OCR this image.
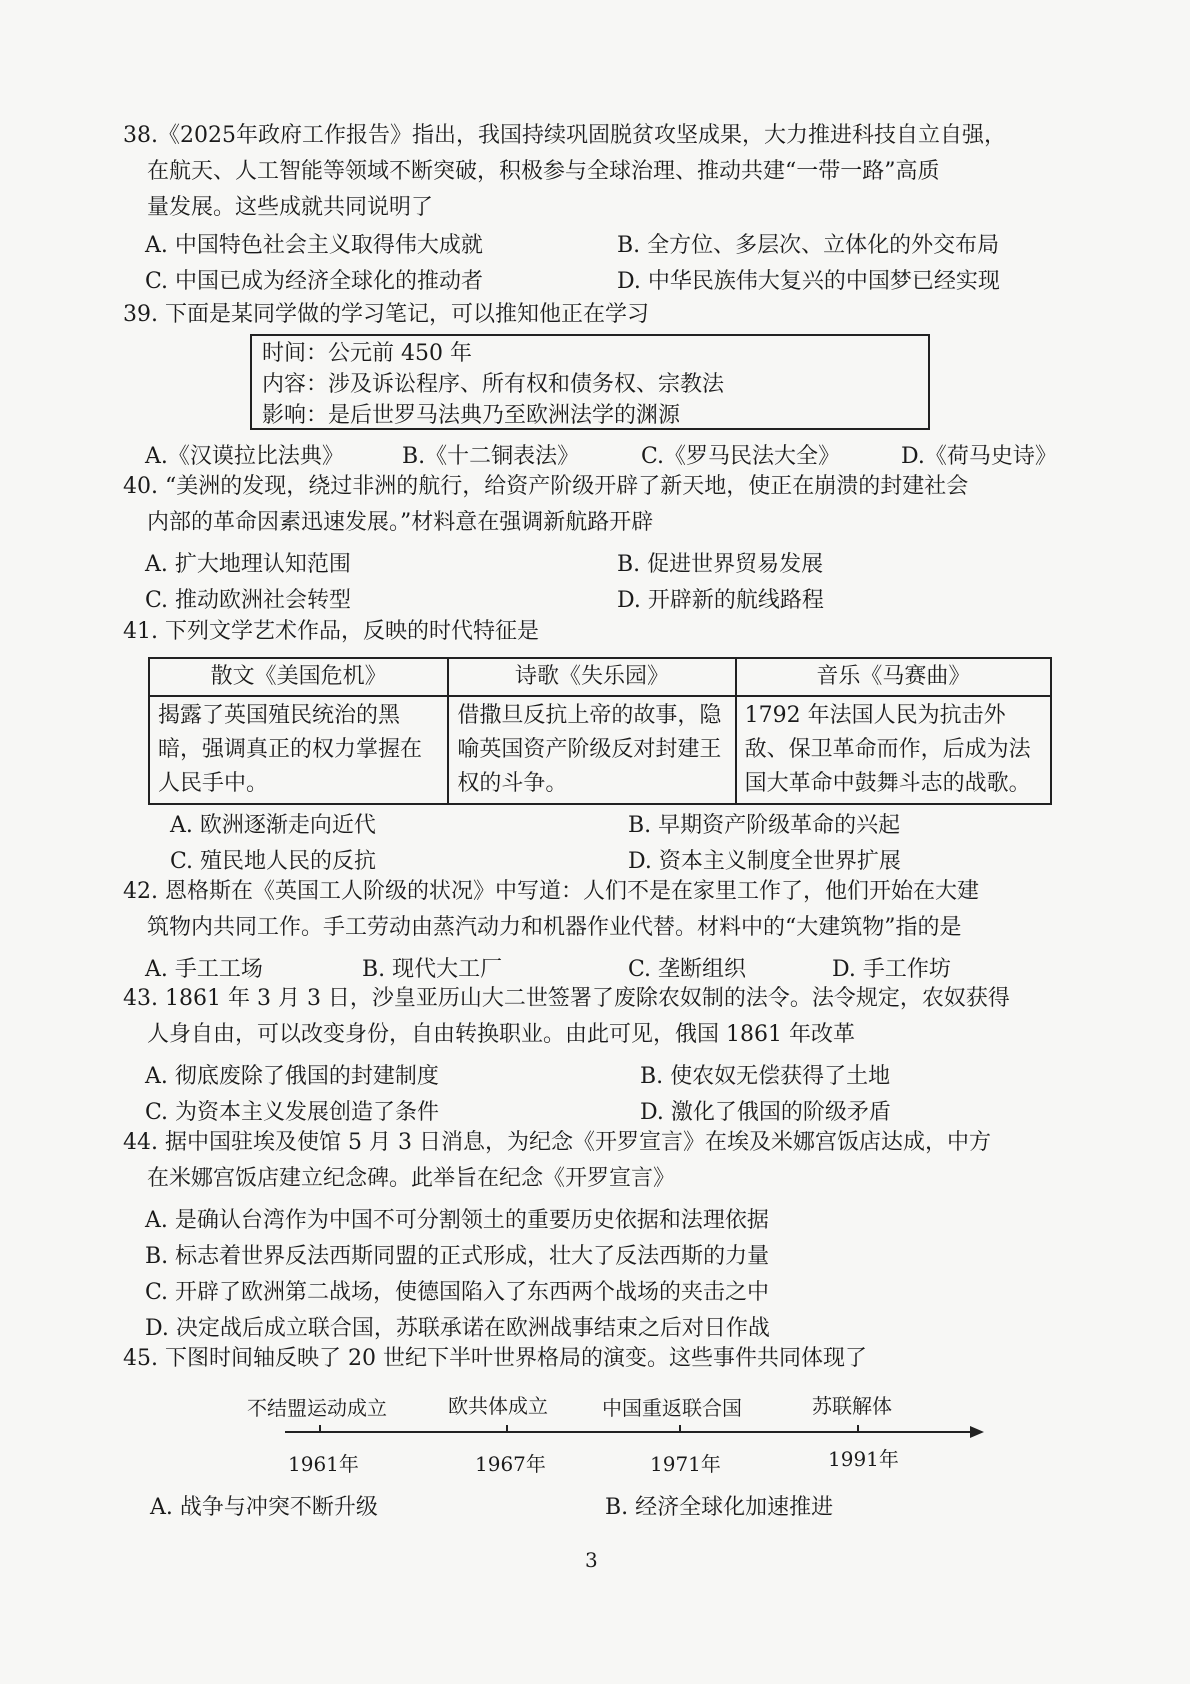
38.《2025年政府工作报告》指出，我国持续巩固脱贫攻坚成果，大力推进科技自立自强，
在航天、人工智能等领域不断突破，积极参与全球治理、推动共建“一带一路”高质
量发展。这些成就共同说明了
A. 中国特色社会主义取得伟大成就	B. 全方位、多层次、立体化的外交布局
C. 中国已成为经济全球化的推动者	D. 中华民族伟大复兴的中国梦已经实现
39. 下面是某同学做的学习笔记，可以推知他正在学习
时间：公元前 450 年
内容：涉及诉讼程序、所有权和债务权、宗教法
影响：是后世罗马法典乃至欧洲法学的渊源
A.《汉谟拉比法典》	B.《十二铜表法》	C.《罗马民法大全》	D.《荷马史诗》
40. “美洲的发现，绕过非洲的航行，给资产阶级开辟了新天地，使正在崩溃的封建社会
内部的革命因素迅速发展。”材料意在强调新航路开辟
A. 扩大地理认知范围	B. 促进世界贸易发展
C. 推动欧洲社会转型	D. 开辟新的航线路程
41. 下列文学艺术作品，反映的时代特征是
散文《美国危机》	诗歌《失乐园》	音乐《马赛曲》
揭露了英国殖民统治的黑暗，强调真正的权力掌握在人民手中。	借撒旦反抗上帝的故事，隐喻英国资产阶级反对封建王权的斗争。	1792 年法国人民为抗击外敌、保卫革命而作，后成为法国大革命中鼓舞斗志的战歌。
A. 欧洲逐渐走向近代	B. 早期资产阶级革命的兴起
C. 殖民地人民的反抗	D. 资本主义制度全世界扩展
42. 恩格斯在《英国工人阶级的状况》中写道：人们不是在家里工作了，他们开始在大建
筑物内共同工作。手工劳动由蒸汽动力和机器作业代替。材料中的“大建筑物”指的是
A. 手工工场	B. 现代大工厂	C. 垄断组织	D. 手工作坊
43. 1861 年 3 月 3 日，沙皇亚历山大二世签署了废除农奴制的法令。法令规定，农奴获得
人身自由，可以改变身份，自由转换职业。由此可见，俄国 1861 年改革
A. 彻底废除了俄国的封建制度	B. 使农奴无偿获得了土地
C. 为资本主义发展创造了条件	D. 激化了俄国的阶级矛盾
44. 据中国驻埃及使馆 5 月 3 日消息，为纪念《开罗宣言》在埃及米娜宫饭店达成，中方
在米娜宫饭店建立纪念碑。此举旨在纪念《开罗宣言》
A. 是确认台湾作为中国不可分割领土的重要历史依据和法理依据
B. 标志着世界反法西斯同盟的正式形成，壮大了反法西斯的力量
C. 开辟了欧洲第二战场，使德国陷入了东西两个战场的夹击之中
D. 决定战后成立联合国，苏联承诺在欧洲战事结束之后对日作战
45. 下图时间轴反映了 20 世纪下半叶世界格局的演变。这些事件共同体现了
不结盟运动成立	欧共体成立	中国重返联合国	苏联解体
1961年	1967年	1971年	1991年
A. 战争与冲突不断升级	B. 经济全球化加速推进
3
